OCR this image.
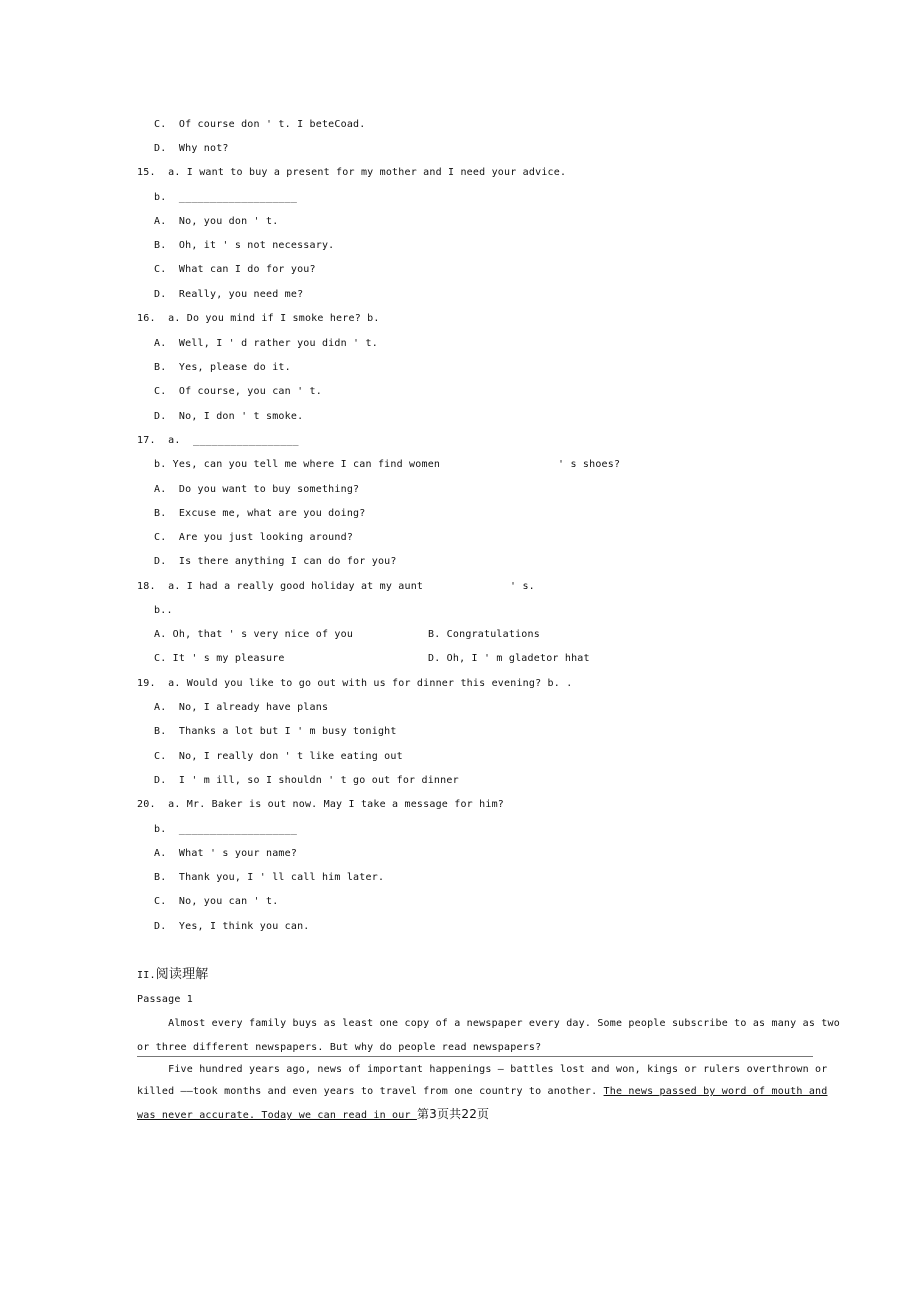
C.  Of course don ' t. I beteCoad.
D.  Why not?
15.  a. I want to buy a present for my mother and I need your advice.
b.  ___________________
A.  No, you don ' t.
B.  Oh, it ' s not necessary.
C.  What can I do for you?
D.  Really, you need me?
16.  a. Do you mind if I smoke here? b.
A.  Well, I ' d rather you didn ' t.
B.  Yes, please do it.
C.  Of course, you can ' t.
D.  No, I don ' t smoke.
17.  a.  _________________
b. Yes, can you tell me where I can find women	' s shoes?
A.  Do you want to buy something?
B.  Excuse me, what are you doing?
C.  Are you just looking around?
D.  Is there anything I can do for you?
18.  a. I had a really good holiday at my aunt	' s.
b..
A. Oh, that ' s very nice of you	B. Congratulations
C. It ' s my pleasure	D. Oh, I ' m gladetor hhat
19.  a. Would you like to go out with us for dinner this evening? b. .
A.  No, I already have plans
B.  Thanks a lot but I ' m busy tonight
C.  No, I really don ' t like eating out
D.  I ' m ill, so I shouldn ' t go out for dinner
20.  a. Mr. Baker is out now. May I take a message for him?
b.  ___________________
A.  What ' s your name?
B.  Thank you, I ' ll call him later.
C.  No, you can ' t.
D.  Yes, I think you can.
II.阅读理解
Passage 1
Almost every family buys as least one copy of a newspaper every day. Some people subscribe to as many as two
or three different newspapers. But why do people read newspapers?
Five hundred years ago, news of important happenings — battles lost and won, kings or rulers overthrown or
killed ——took months and even years to travel from one country to another. The news passed by word of mouth and
was never accurate. Today we can read in our 第3页共22页
